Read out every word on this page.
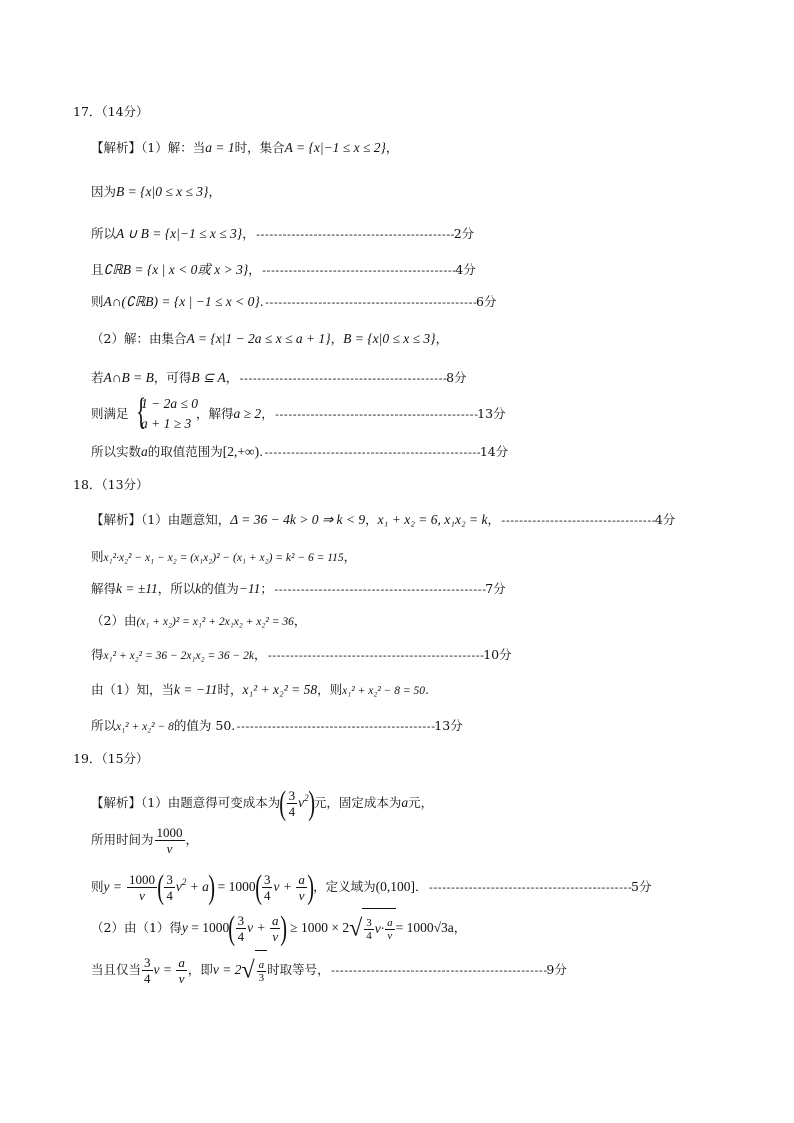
17．（14分）
【解析】（1）解：当a = 1时，集合A = {x|−1 ≤ x ≤ 2}，
因为B = {x|0 ≤ x ≤ 3}，
所以A ∪ B = {x|−1 ≤ x ≤ 3}，---------------------------------------------2分
且∁ℝB = {x | x < 0或 x > 3}，--------------------------------------------4分
则A∩(∁ℝB) = {x | −1 ≤ x < 0}.------------------------------------------------6分
（2）解：由集合A = {x|1 − 2a ≤ x ≤ a + 1}，B = {x|0 ≤ x ≤ 3}，
若A∩B = B，可得B ⊆ A，-----------------------------------------------8分
则满足 {
1 − 2a ≤ 0
a + 1 ≥ 3
，解得a ≥ 2，----------------------------------------------13分
所以实数a的取值范围为[2,+∞).-------------------------------------------------14分
18．（13分）
【解析】（1）由题意知，Δ = 36 − 4k > 0 ⇒ k < 9，x₁ + x₂ = 6, x₁x₂ = k，-----------------------------------4分
则x₁²·x₂² − x₁ − x₂ = (x₁x₂)² − (x₁ + x₂) = k² − 6 = 115，
解得k = ±11，所以k的值为−11；------------------------------------------------7分
（2）由(x₁ + x₂)² = x₁² + 2x₁x₂ + x₂² = 36，
得x₁² + x₂² = 36 − 2x₁x₂ = 36 − 2k，-------------------------------------------------10分
由（1）知，当k = −11时，x₁² + x₂² = 58，则x₁² + x₂² − 8 = 50.
所以x₁² + x₂² − 8的值为 50.---------------------------------------------13分
19．（15分）
【解析】（1）由题意得可变成本为( $\frac{3}{4} v^2$)元，固定成本为a元，
所用时间为 $\frac{1000}{v}$ ，
则$y = \frac{1000}{v}$ ( $\frac{3}{4} v^2 + a) = 1000( \frac{3}{4}$ $v + \frac{a}{v}$ )，定义域为(0,100]．----------------------------------------------5分
（2）由（1）得$y = 1000( \frac{3}{4}$ $v + \frac{a}{v}$ ) ≥ $1000 \times 2√ \frac{3}{4} v\cdot \frac{a}{v} = 1000√3a$，
当且仅当 $\frac{3}{4}$ $v = \frac{a}{v}$ ，即$v = 2√ \frac{a}{3}$ 时取等号，-------------------------------------------------9分
